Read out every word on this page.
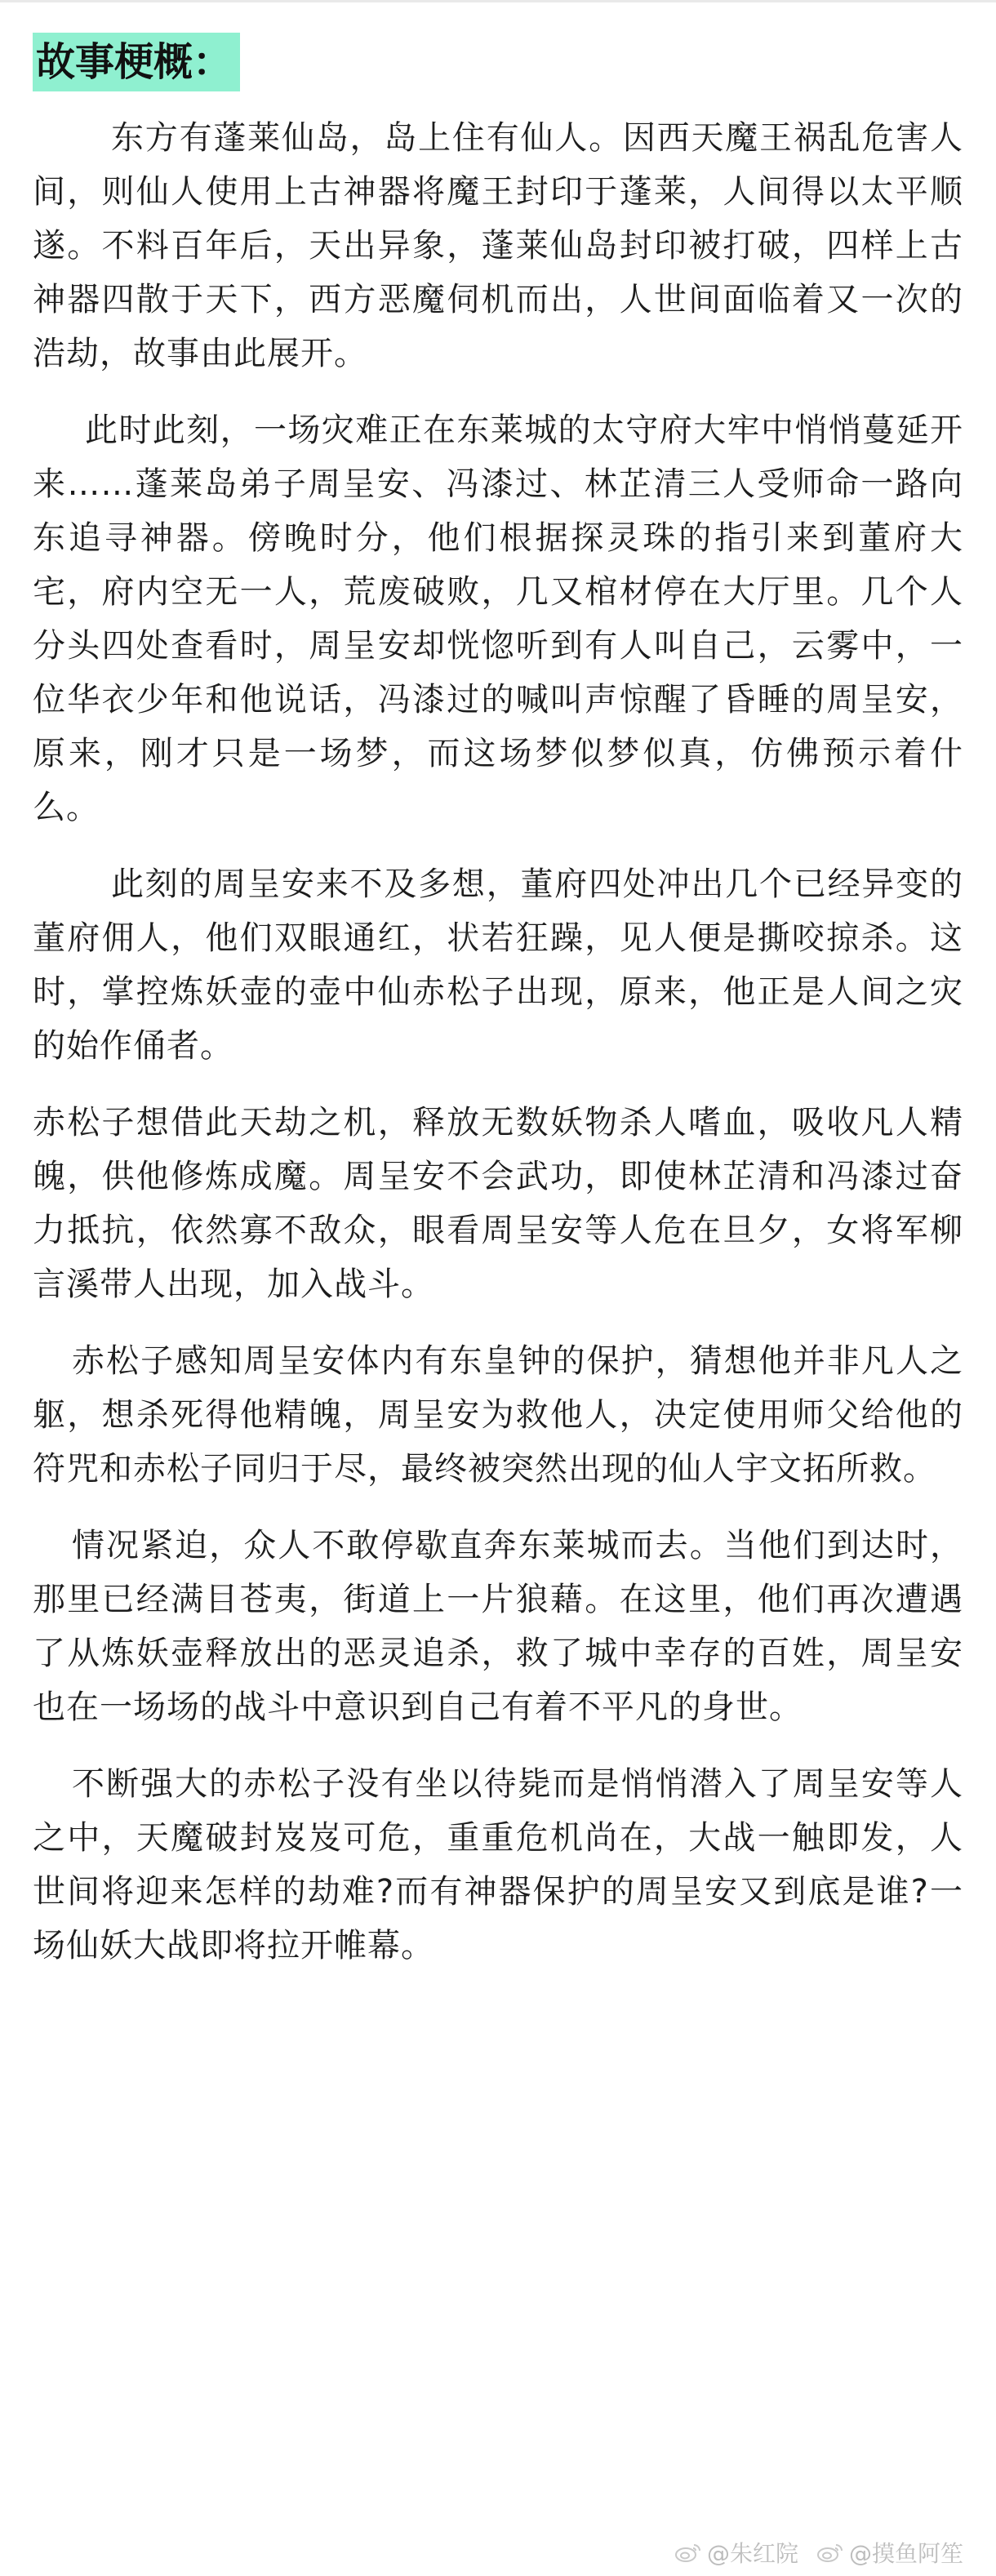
故事梗概：

东方有蓬莱仙岛，岛上住有仙人。因西天魔王祸乱危害人间，则仙人使用上古神器将魔王封印于蓬莱，人间得以太平顺遂。不料百年后，天出异象，蓬莱仙岛封印被打破，四样上古神器四散于天下，西方恶魔伺机而出，人世间面临着又一次的浩劫，故事由此展开。

此时此刻，一场灾难正在东莱城的太守府大牢中悄悄蔓延开来……蓬莱岛弟子周呈安、冯漆过、林芷清三人受师命一路向东追寻神器。傍晚时分，他们根据探灵珠的指引来到董府大宅，府内空无一人，荒废破败，几又棺材停在大厅里。几个人分头四处查看时，周呈安却恍惚听到有人叫自己，云雾中，一位华衣少年和他说话，冯漆过的喊叫声惊醒了昏睡的周呈安，原来，刚才只是一场梦，而这场梦似梦似真，仿佛预示着什么。

此刻的周呈安来不及多想，董府四处冲出几个已经异变的董府佣人，他们双眼通红，状若狂躁，见人便是撕咬掠杀。这时，掌控炼妖壶的壶中仙赤松子出现，原来，他正是人间之灾的始作俑者。

赤松子想借此天劫之机，释放无数妖物杀人嗜血，吸收凡人精魄，供他修炼成魔。周呈安不会武功，即使林芷清和冯漆过奋力抵抗，依然寡不敌众，眼看周呈安等人危在旦夕，女将军柳言溪带人出现，加入战斗。

赤松子感知周呈安体内有东皇钟的保护，猜想他并非凡人之躯，想杀死得他精魄，周呈安为救他人，决定使用师父给他的符咒和赤松子同归于尽，最终被突然出现的仙人宇文拓所救。

情况紧迫，众人不敢停歇直奔东莱城而去。当他们到达时，那里已经满目苍夷，街道上一片狼藉。在这里，他们再次遭遇了从炼妖壶释放出的恶灵追杀，救了城中幸存的百姓，周呈安也在一场场的战斗中意识到自己有着不平凡的身世。

不断强大的赤松子没有坐以待毙而是悄悄潜入了周呈安等人之中，天魔破封岌岌可危，重重危机尚在，大战一触即发，人世间将迎来怎样的劫难?而有神器保护的周呈安又到底是谁?一场仙妖大战即将拉开帷幕。

@朱红院 @摸鱼阿笙
